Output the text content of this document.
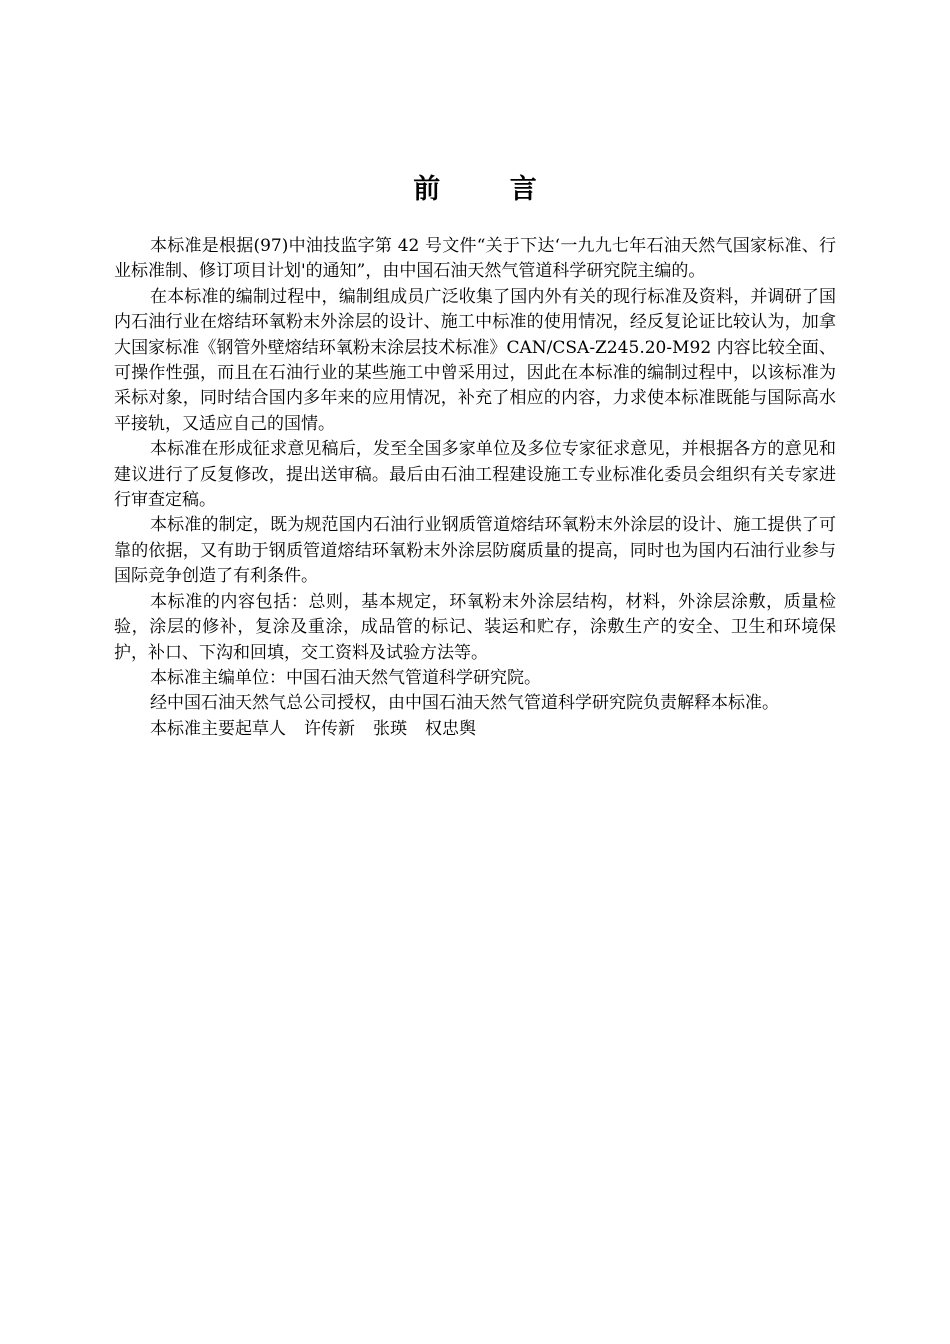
前 言

本标准是根据(97)中油技监字第 42 号文件“关于下达‘一九九七年石油天然气国家标准、行业标准制、修订项目计划'的通知”，由中国石油天然气管道科学研究院主编的。

在本标准的编制过程中，编制组成员广泛收集了国内外有关的现行标准及资料，并调研了国内石油行业在熔结环氧粉末外涂层的设计、施工中标准的使用情况，经反复论证比较认为，加拿大国家标准《钢管外壁熔结环氧粉末涂层技术标准》CAN/CSA-Z245.20-M92 内容比较全面、可操作性强，而且在石油行业的某些施工中曾采用过，因此在本标准的编制过程中，以该标准为采标对象，同时结合国内多年来的应用情况，补充了相应的内容，力求使本标准既能与国际高水平接轨，又适应自己的国情。

本标准在形成征求意见稿后，发至全国多家单位及多位专家征求意见，并根据各方的意见和建议进行了反复修改，提出送审稿。最后由石油工程建设施工专业标准化委员会组织有关专家进行审查定稿。

本标准的制定，既为规范国内石油行业钢质管道熔结环氧粉末外涂层的设计、施工提供了可靠的依据，又有助于钢质管道熔结环氧粉末外涂层防腐质量的提高，同时也为国内石油行业参与国际竞争创造了有利条件。

本标准的内容包括：总则，基本规定，环氧粉末外涂层结构，材料，外涂层涂敷，质量检验，涂层的修补，复涂及重涂，成品管的标记、装运和贮存，涂敷生产的安全、卫生和环境保护，补口、下沟和回填，交工资料及试验方法等。

本标准主编单位：中国石油天然气管道科学研究院。

经中国石油天然气总公司授权，由中国石油天然气管道科学研究院负责解释本标准。

本标准主要起草人 许传新 张瑛 权忠舆
